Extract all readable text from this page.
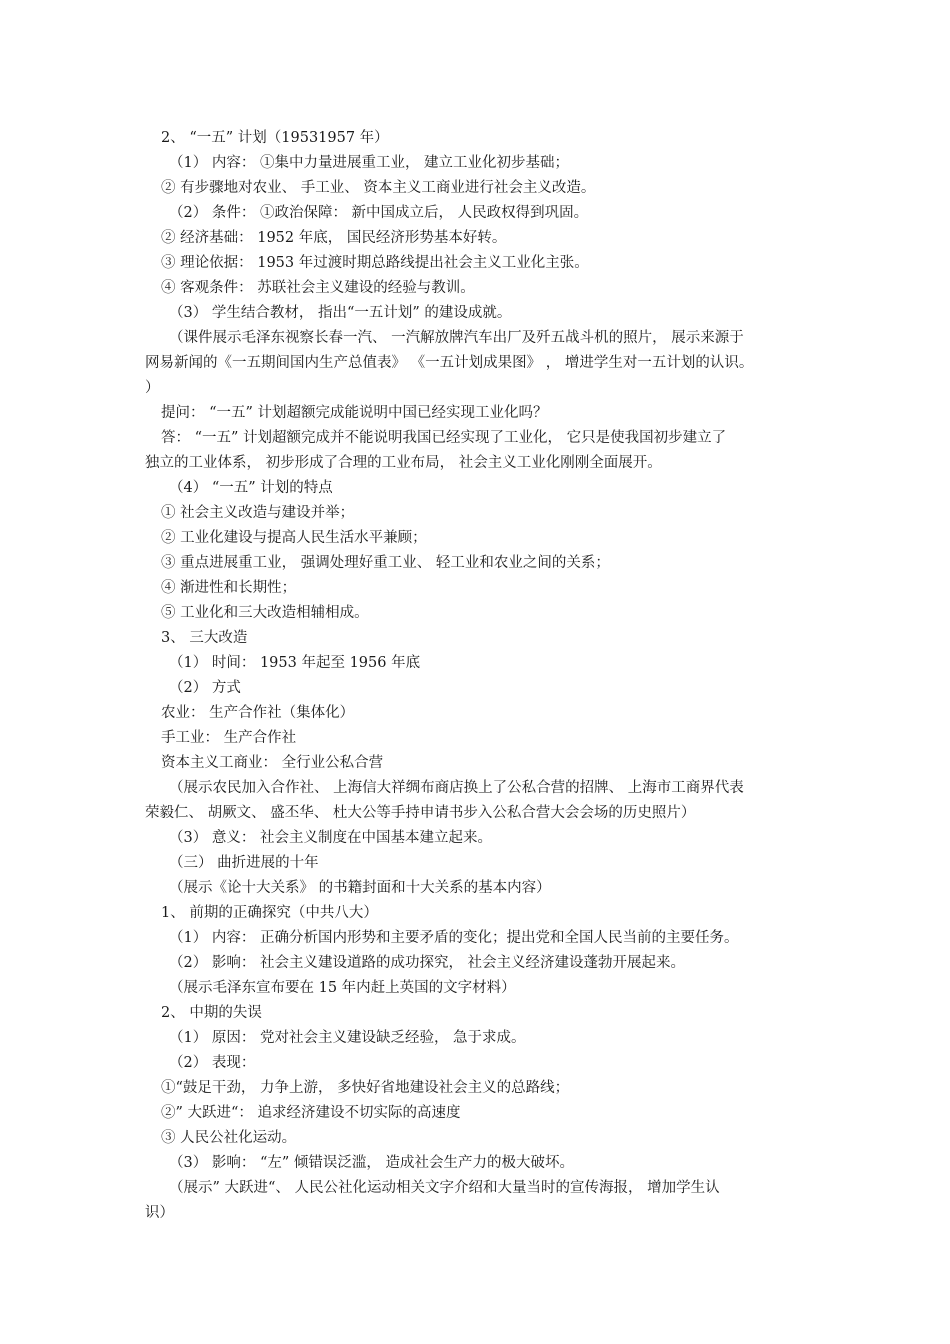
2、 “一五” 计划（19531957 年）
（1） 内容： ①集中力量进展重工业， 建立工业化初步基础；
② 有步骤地对农业、 手工业、 资本主义工商业进行社会主义改造。
（2） 条件： ①政治保障： 新中国成立后， 人民政权得到巩固。
② 经济基础： 1952 年底， 国民经济形势基本好转。
③ 理论依据： 1953 年过渡时期总路线提出社会主义工业化主张。
④ 客观条件： 苏联社会主义建设的经验与教训。
（3） 学生结合教材， 指出“一五计划” 的建设成就。
（课件展示毛泽东视察长春一汽、 一汽解放牌汽车出厂及歼五战斗机的照片， 展示来源于
网易新闻的《一五期间国内生产总值表》 《一五计划成果图》 ， 增进学生对一五计划的认识。
）
提问： “一五” 计划超额完成能说明中国已经实现工业化吗？
答： “一五” 计划超额完成并不能说明我国已经实现了工业化， 它只是使我国初步建立了
独立的工业体系， 初步形成了合理的工业布局， 社会主义工业化刚刚全面展开。
（4） “一五” 计划的特点
① 社会主义改造与建设并举；
② 工业化建设与提高人民生活水平兼顾；
③ 重点进展重工业， 强调处理好重工业、 轻工业和农业之间的关系；
④ 渐进性和长期性；
⑤ 工业化和三大改造相辅相成。
3、 三大改造
（1） 时间： 1953 年起至 1956 年底
（2） 方式
农业： 生产合作社（集体化）
手工业： 生产合作社
资本主义工商业： 全行业公私合营
（展示农民加入合作社、 上海信大祥绸布商店换上了公私合营的招牌、 上海市工商界代表
荣毅仁、 胡厥文、 盛丕华、 杜大公等手持申请书步入公私合营大会会场的历史照片）
（3） 意义： 社会主义制度在中国基本建立起来。
（三） 曲折进展的十年
（展示《论十大关系》 的书籍封面和十大关系的基本内容）
1、 前期的正确探究（中共八大）
（1） 内容： 正确分析国内形势和主要矛盾的变化；提出党和全国人民当前的主要任务。
（2） 影响： 社会主义建设道路的成功探究， 社会主义经济建设蓬勃开展起来。
（展示毛泽东宣布要在 15 年内赶上英国的文字材料）
2、 中期的失误
（1） 原因： 党对社会主义建设缺乏经验， 急于求成。
（2） 表现：
①“鼓足干劲， 力争上游， 多快好省地建设社会主义的总路线；
②” 大跃进“： 追求经济建设不切实际的高速度
③ 人民公社化运动。
（3） 影响： “左” 倾错误泛滥， 造成社会生产力的极大破坏。
（展示” 大跃进“、 人民公社化运动相关文字介绍和大量当时的宣传海报， 增加学生认
识）
